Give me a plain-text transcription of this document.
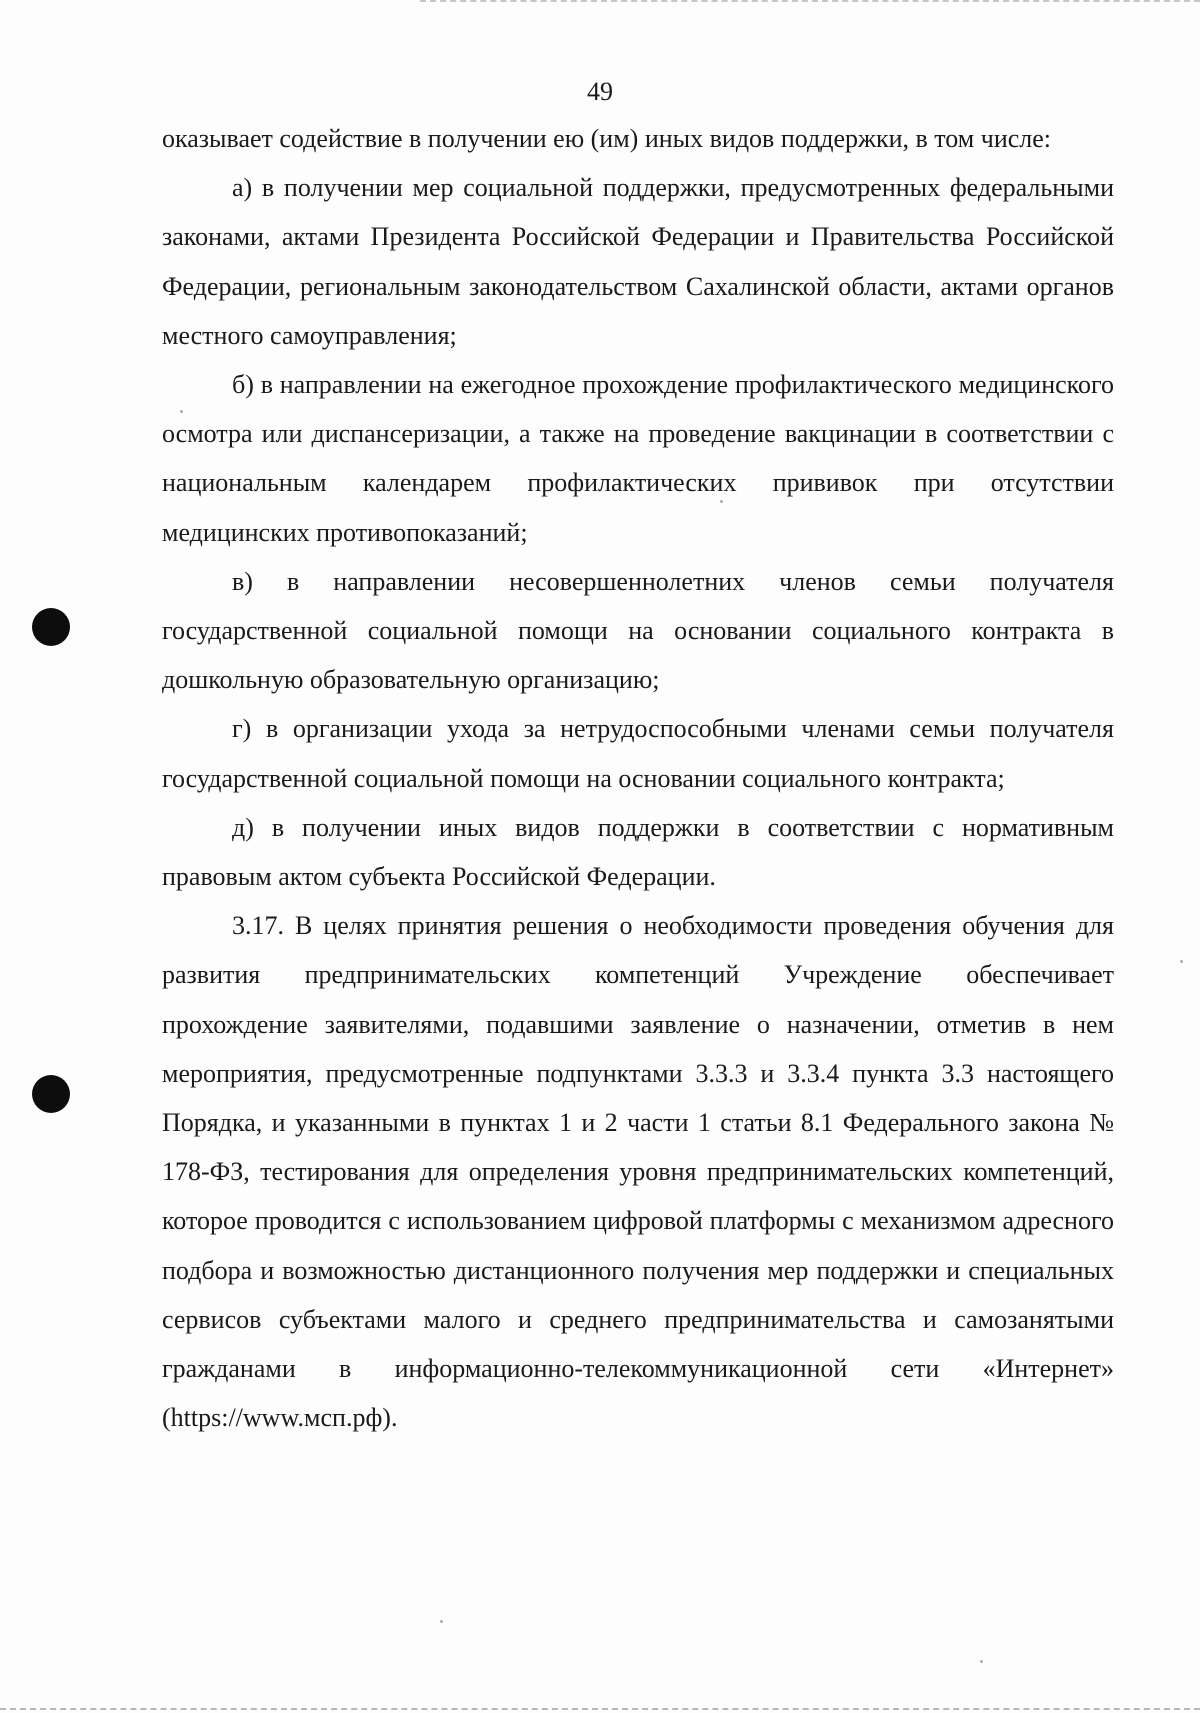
49

оказывает содействие в получении ею (им) иных видов поддержки, в том числе:

а) в получении мер социальной поддержки, предусмотренных федеральными законами, актами Президента Российской Федерации и Правительства Российской Федерации, региональным законодательством Сахалинской области, актами органов местного самоуправления;

б) в направлении на ежегодное прохождение профилактического медицинского осмотра или диспансеризации, а также на проведение вакцинации в соответствии с национальным календарем профилактических прививок при отсутствии медицинских противопоказаний;

в) в направлении несовершеннолетних членов семьи получателя государственной социальной помощи на основании социального контракта в дошкольную образовательную организацию;

г) в организации ухода за нетрудоспособными членами семьи получателя государственной социальной помощи на основании социального контракта;

д) в получении иных видов поддержки в соответствии с нормативным правовым актом субъекта Российской Федерации.

3.17. В целях принятия решения о необходимости проведения обучения для развития предпринимательских компетенций Учреждение обеспечивает прохождение заявителями, подавшими заявление о назначении, отметив в нем мероприятия, предусмотренные подпунктами 3.3.3 и 3.3.4 пункта 3.3 настоящего Порядка, и указанными в пунктах 1 и 2 части 1 статьи 8.1 Федерального закона № 178-ФЗ, тестирования для определения уровня предпринимательских компетенций, которое проводится с использованием цифровой платформы с механизмом адресного подбора и возможностью дистанционного получения мер поддержки и специальных сервисов субъектами малого и среднего предпринимательства и самозанятыми гражданами в информационно-телекоммуникационной сети «Интернет» (https://www.мсп.рф).
